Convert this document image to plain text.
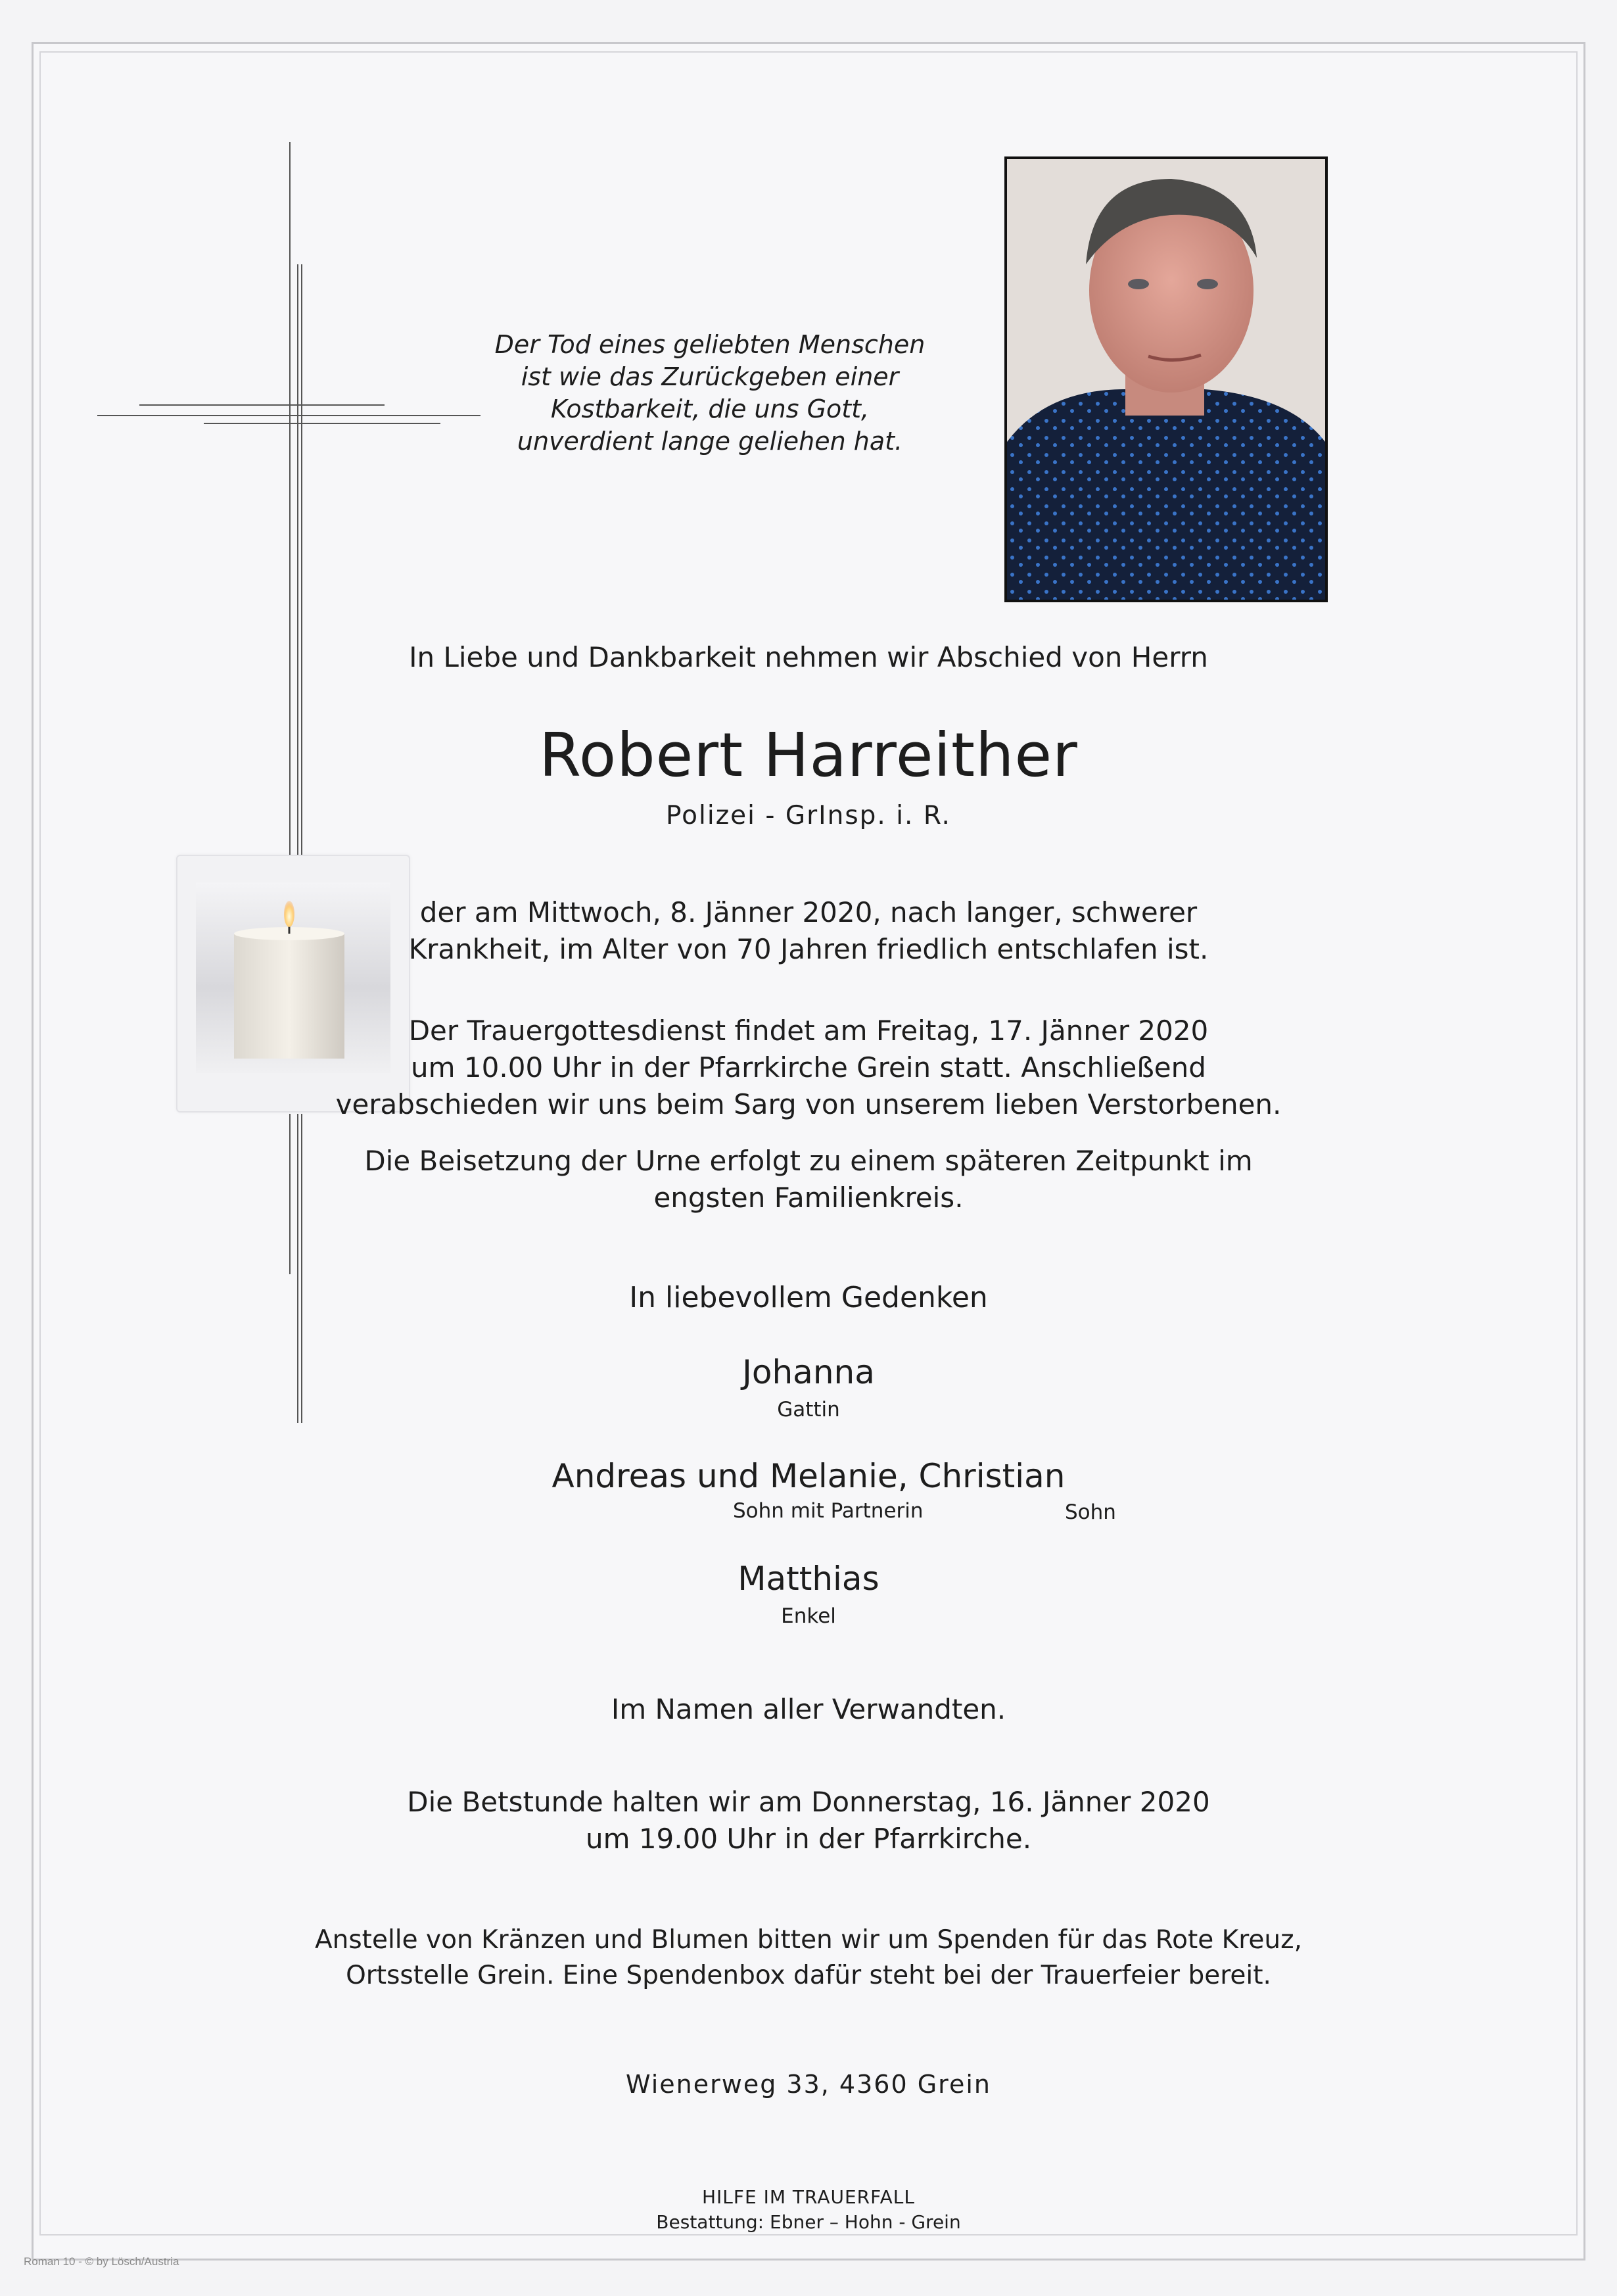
Der Tod eines geliebten Menschen
ist wie das Zurückgeben einer
Kostbarkeit, die uns Gott,
unverdient lange geliehen hat.
In Liebe und Dankbarkeit nehmen wir Abschied von Herrn
Robert Harreither
Polizei - GrInsp. i. R.
der am Mittwoch, 8. Jänner 2020, nach langer, schwerer
Krankheit, im Alter von 70 Jahren friedlich entschlafen ist.
Der Trauergottesdienst findet am Freitag, 17. Jänner 2020
um 10.00 Uhr in der Pfarrkirche Grein statt. Anschließend
verabschieden wir uns beim Sarg von unserem lieben Verstorbenen.
Die Beisetzung der Urne erfolgt zu einem späteren Zeitpunkt im
engsten Familienkreis.
In liebevollem Gedenken
Johanna
Gattin
Andreas und Melanie, Christian
Sohn mit Partnerin	Sohn
Matthias
Enkel
Im Namen aller Verwandten.
Die Betstunde halten wir am Donnerstag, 16. Jänner 2020
um 19.00 Uhr in der Pfarrkirche.
Anstelle von Kränzen und Blumen bitten wir um Spenden für das Rote Kreuz,
Ortsstelle Grein. Eine Spendenbox dafür steht bei der Trauerfeier bereit.
Wienerweg 33, 4360 Grein
HILFE IM TRAUERFALL
Bestattung: Ebner – Hohn - Grein
Roman 10 - © by Lösch/Austria
